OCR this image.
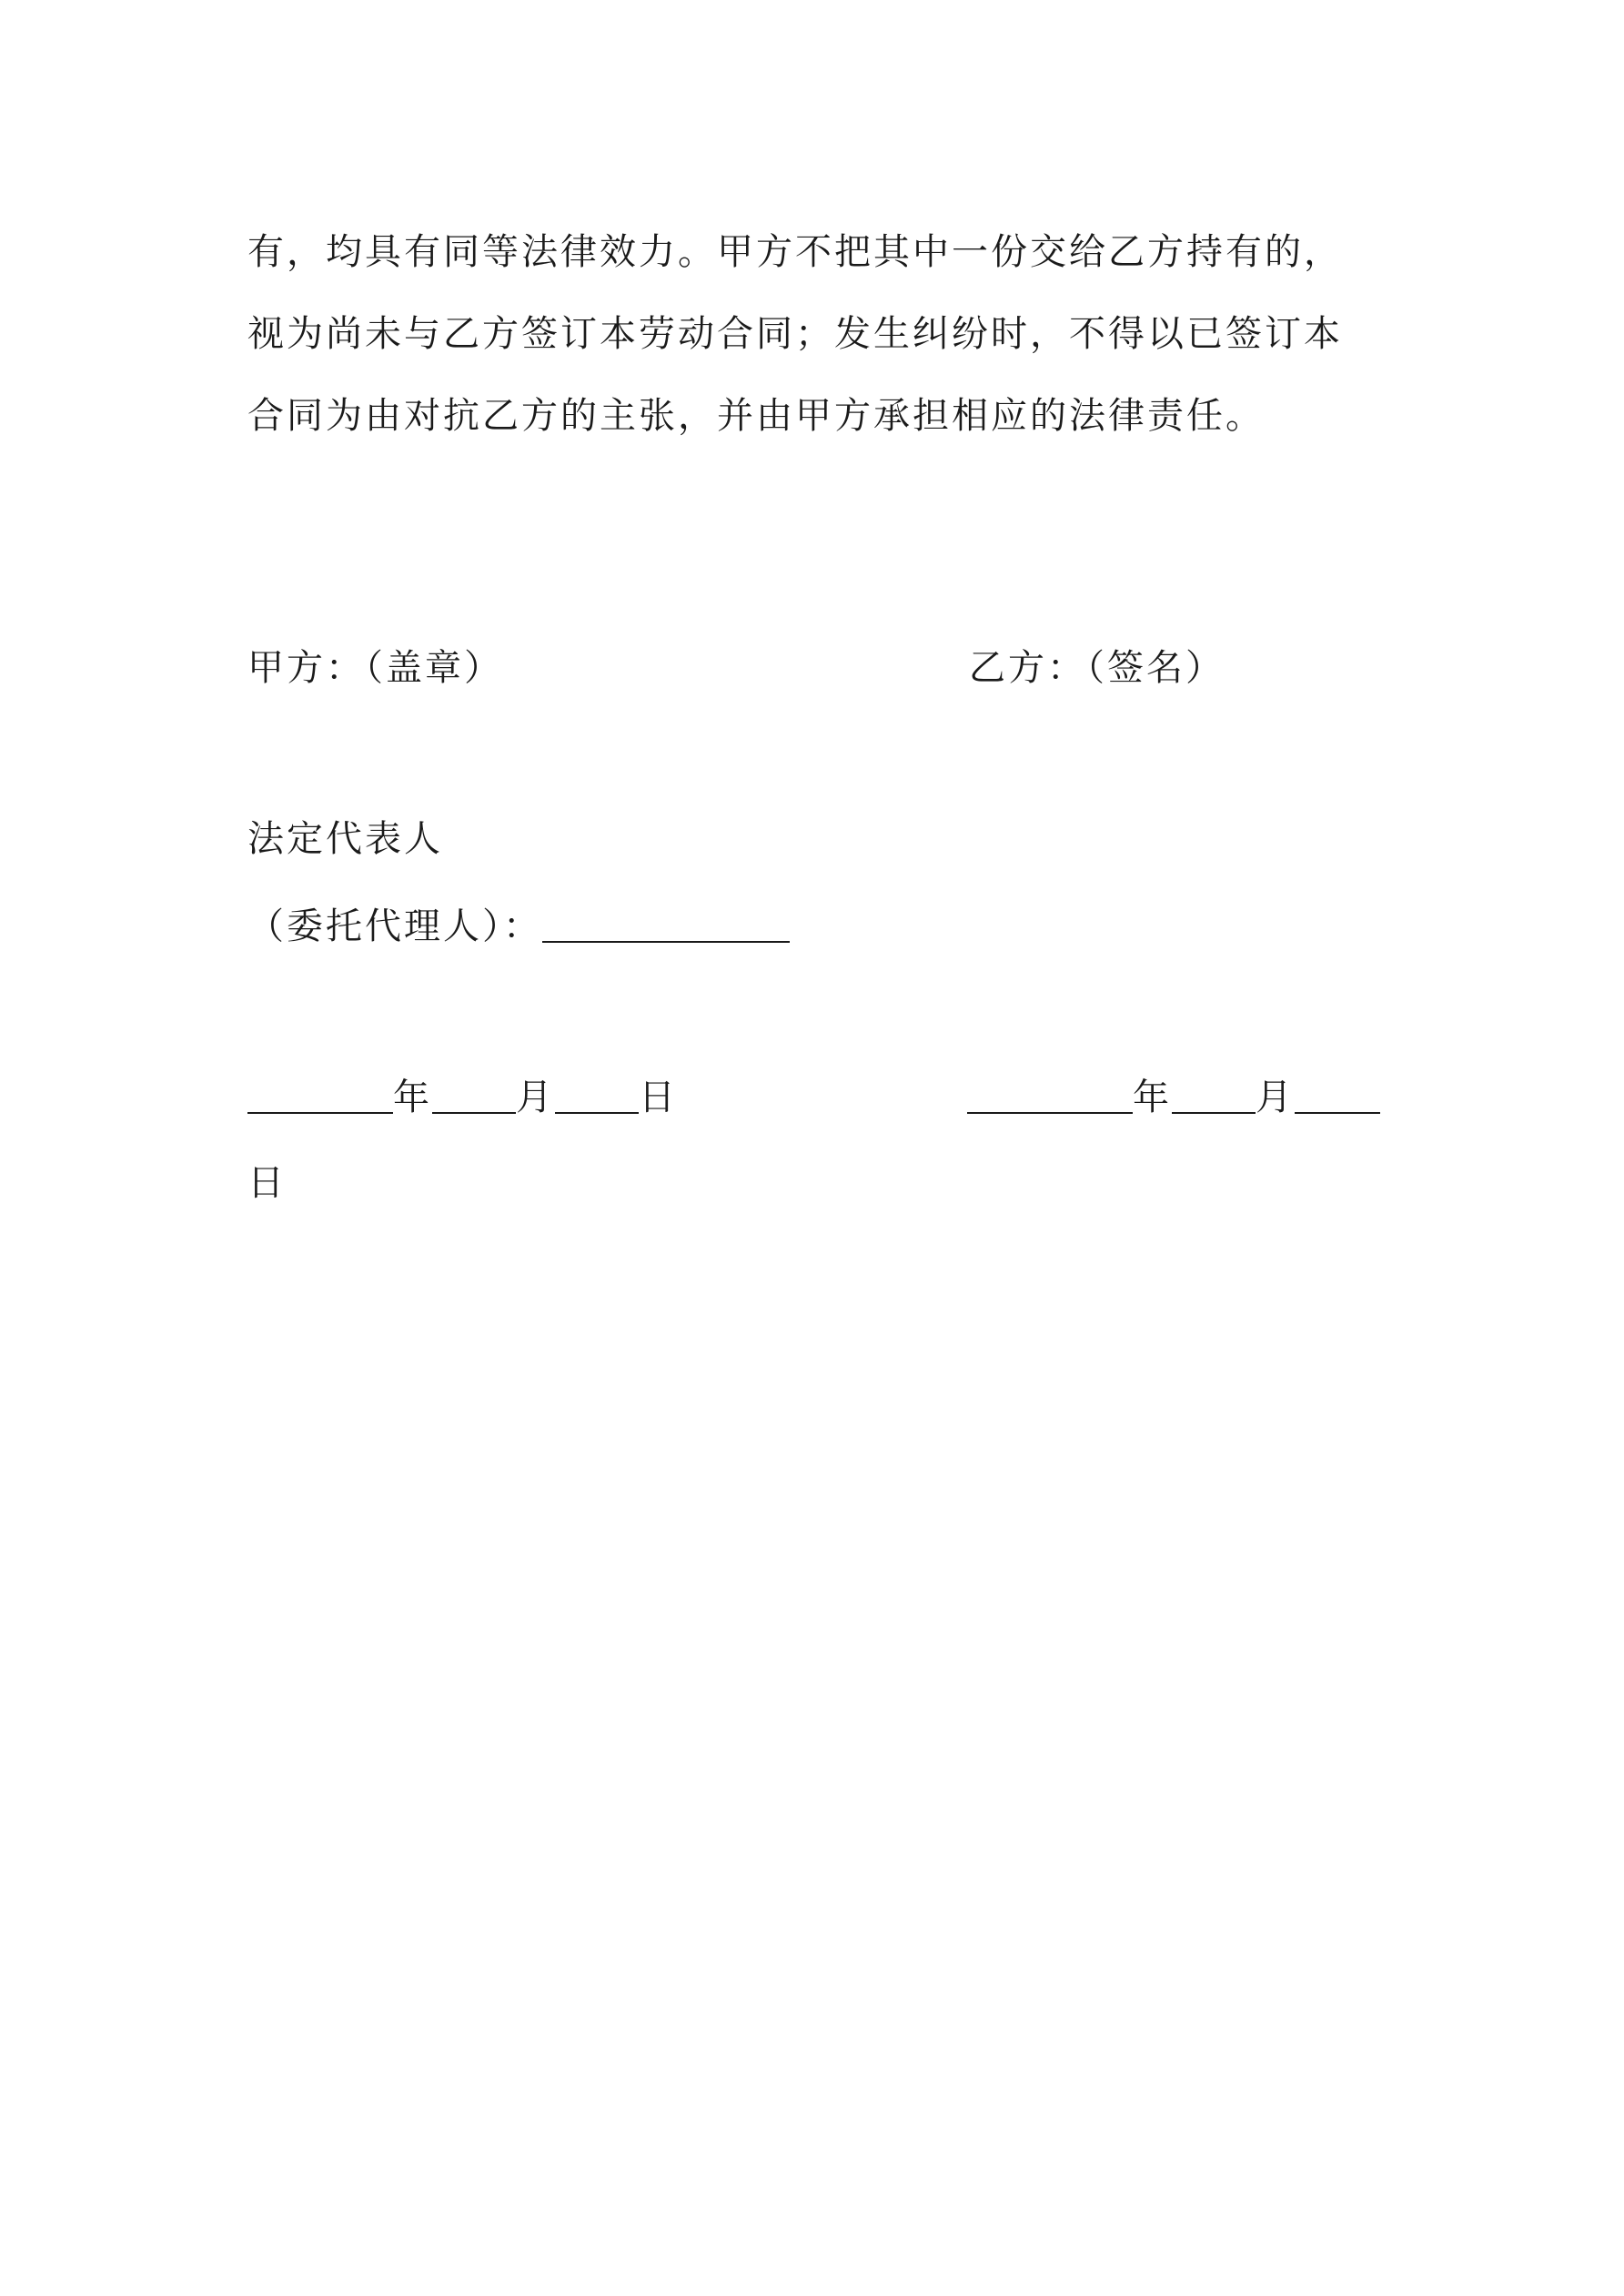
有，均具有同等法律效力。甲方不把其中一份交给乙方持有的，
视为尚未与乙方签订本劳动合同；发生纠纷时，不得以已签订本
合同为由对抗乙方的主张，并由甲方承担相应的法律责任。

甲方：（盖章）	乙方：（签名）
法定代表人
（委托代理人）：
年 月 日	年 月
日
